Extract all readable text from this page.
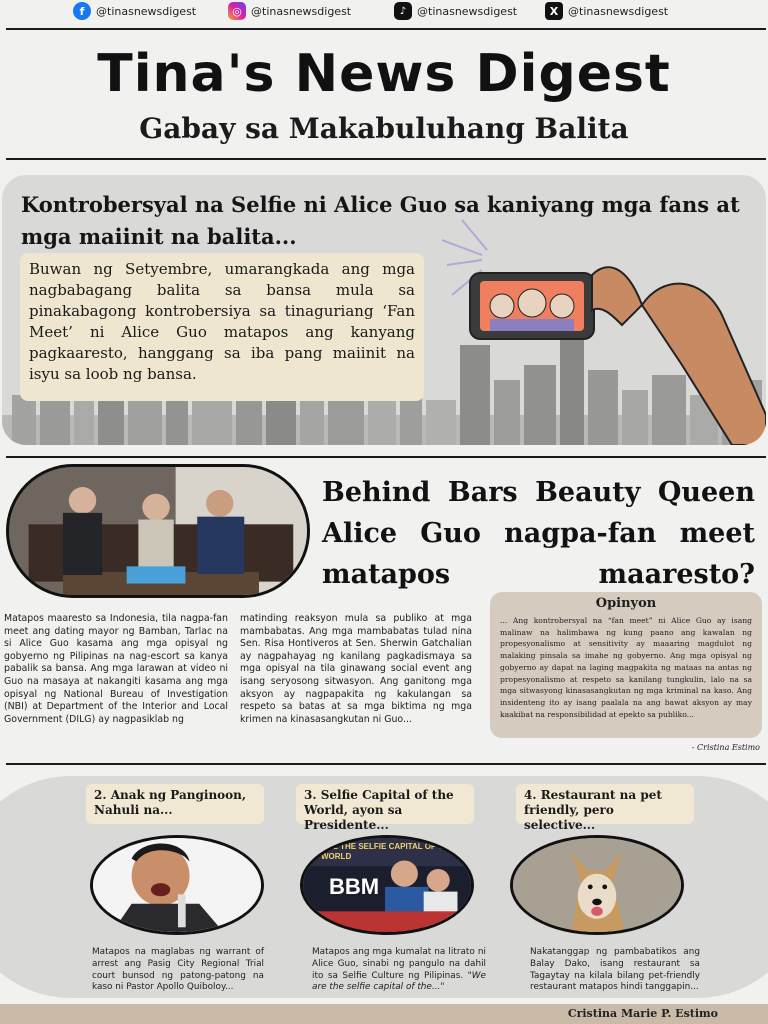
f	@tinasnewsdigest	◎ @tinasnewsdigest	♪ @tinasnewsdigest	X @tinasnewsdigest
Tina's News Digest
Gabay sa Makabuluhang Balita
Kontrobersyal na Selfie ni Alice Guo sa kaniyang mga fans at mga maiinit na balita...
Buwan ng Setyembre, umarangkada ang mga nagbabagang balita sa bansa mula sa pinakabagong kontrobersiya sa tinaguriang ‘Fan Meet’ ni Alice Guo matapos ang kanyang pagkaaresto, hanggang sa iba pang maiinit na isyu sa loob ng bansa.
Behind Bars Beauty Queen Alice Guo nagpa-fan meet matapos maaresto?
Matapos maaresto sa Indonesia, tila nagpa-fan meet ang dating mayor ng Bamban, Tarlac na si Alice Guo kasama ang mga opisyal ng gobyerno ng Pilipinas na nag-escort sa kanya pabalik sa bansa. Ang mga larawan at video ni Guo na masaya at nakangiti kasama ang mga opisyal ng National Bureau of Investigation (NBI) at Department of the Interior and Local Government (DILG) ay nagpasiklab ng
matinding reaksyon mula sa publiko at mga mambabatas. Ang mga mambabatas tulad nina Sen. Risa Hontiveros at Sen. Sherwin Gatchalian ay nagpahayag ng kanilang pagkadismaya sa mga opisyal na tila ginawang social event ang isang seryosong sitwasyon. Ang ganitong mga aksyon ay nagpapakita ng kakulangan sa respeto sa batas at sa mga biktima ng mga krimen na kinasasangkutan ni Guo...
Opinyon
... Ang kontrobersyal na “fan meet” ni Alice Guo ay isang malinaw na halimbawa ng kung paano ang kawalan ng propesyonalismo at sensitivity ay maaaring magdulot ng malaking pinsala sa imahe ng gobyerno. Ang mga opisyal ng gobyerno ay dapat na laging magpakita ng mataas na antas ng propesyonalismo at respeto sa kanilang tungkulin, lalo na sa mga sitwasyong kinasasangkutan ng mga kriminal na kaso. Ang insidenteng ito ay isang paalala na ang bawat aksyon ay may kaakibat na responsibilidad at epekto sa publiko...
- Cristina Estimo
2. Anak ng Panginoon, Nahuli na...
3. Selfie Capital of the World, ayon sa Presidente...
4. Restaurant na pet friendly, pero selective...
ARE THE SELFIE CAPITAL OF THE WORLD
BBM
Matapos na maglabas ng warrant of arrest ang Pasig City Regional Trial court bunsod ng patong-patong na kaso ni Pastor Apollo Quiboloy...
Matapos ang mga kumalat na litrato ni Alice Guo, sinabi ng pangulo na dahil ito sa Selfie Culture ng Pilipinas. "We are the selfie capital of the..."
Nakatanggap ng pambabatikos ang Balay Dako, isang restaurant sa Tagaytay na kilala bilang pet-friendly restaurant matapos hindi tanggapin...
Cristina Marie P. Estimo
